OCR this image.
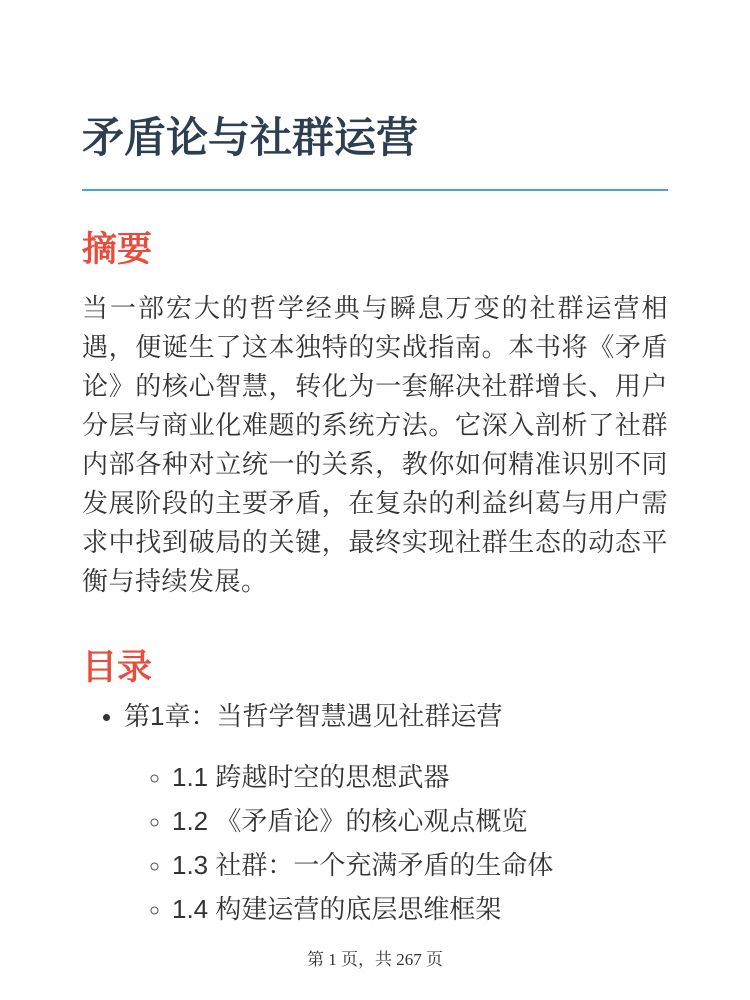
矛盾论与社群运营
摘要

当一部宏大的哲学经典与瞬息万变的社群运营相遇，便诞生了这本独特的实战指南。本书将《矛盾论》的核心智慧，转化为一套解决社群增长、用户分层与商业化难题的系统方法。它深入剖析了社群内部各种对立统一的关系，教你如何精准识别不同发展阶段的主要矛盾，在复杂的利益纠葛与用户需求中找到破局的关键，最终实现社群生态的动态平衡与持续发展。

目录
• 第1章：当哲学智慧遇见社群运营
◦ 1.1 跨越时空的思想武器
◦ 1.2 《矛盾论》的核心观点概览
◦ 1.3 社群：一个充满矛盾的生命体
◦ 1.4 构建运营的底层思维框架
第 1 页，共 267 页
